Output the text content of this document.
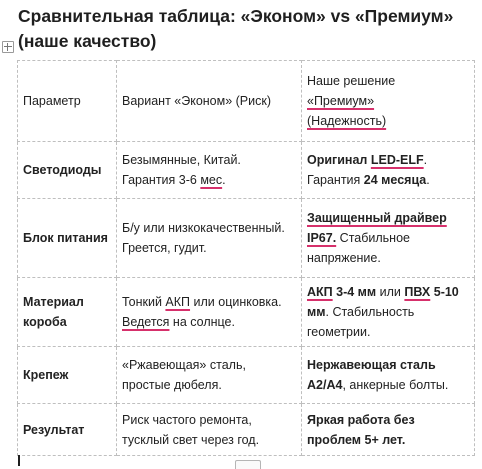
Сравнительная таблица: «Эконом» vs «Премиум» (наше качество)
Параметр	Вариант «Эконом» (Риск)	Наше решение
«Премиум»
(Надежность)
Светодиоды	Безымянные, Китай. Гарантия 3-6 мес.	Оригинал LED-ELF. Гарантия 24 месяца.
Блок питания	Б/у или низкокачественный. Греется, гудит.	Защищенный драйвер IP67. Стабильное напряжение.
Материал короба	Тонкий АКП или оцинковка. Ведется на солнце.	АКП 3-4 мм или ПВХ 5-10 мм. Стабильность геометрии.
Крепеж	«Ржавеющая» сталь, простые дюбеля.	Нержавеющая сталь A2/A4, анкерные болты.
Результат	Риск частого ремонта, тусклый свет через год.	Яркая работа без проблем 5+ лет.
